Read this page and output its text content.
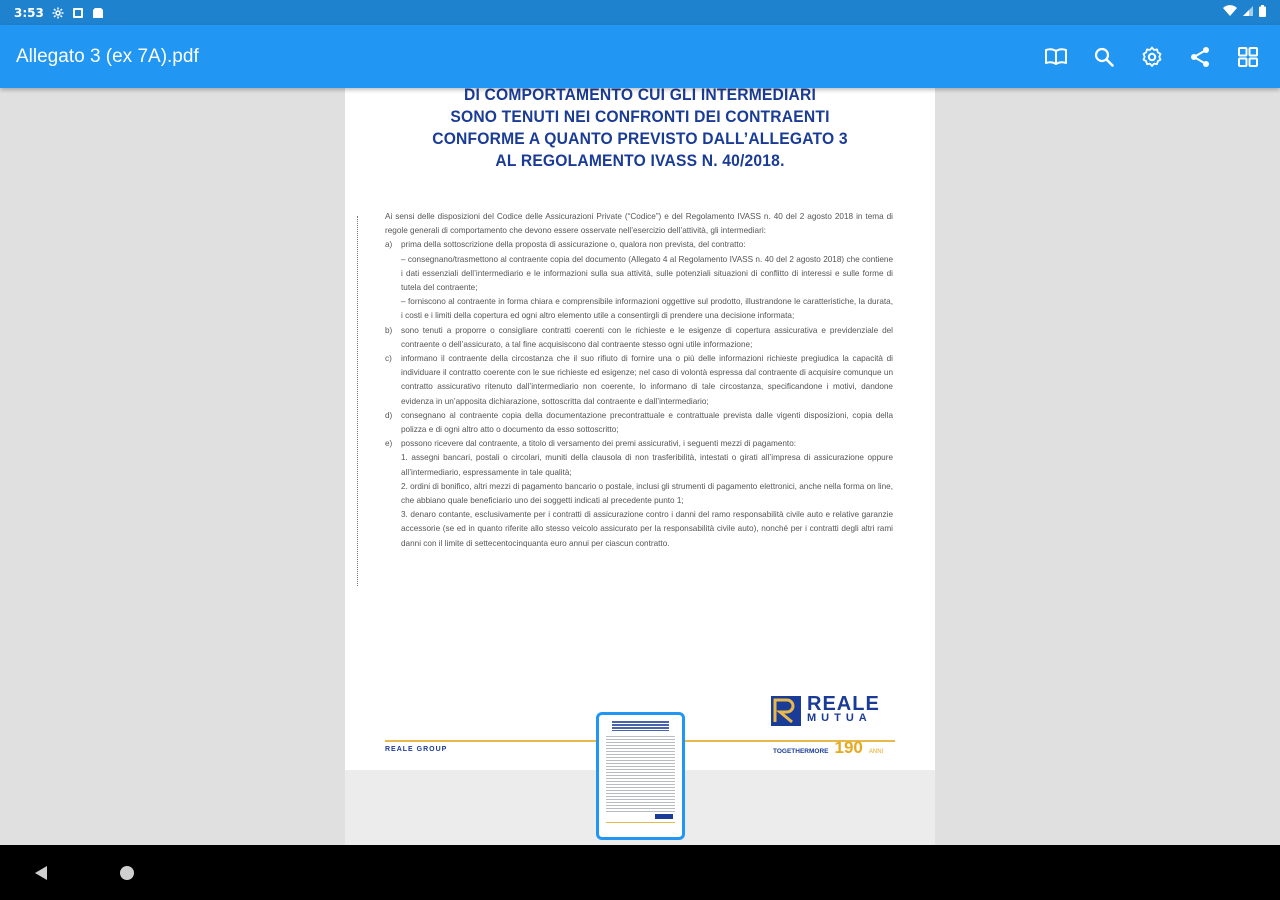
3:53
Allegato 3 (ex 7A).pdf
DI COMPORTAMENTO CUI GLI INTERMEDIARI
SONO TENUTI NEI CONFRONTI DEI CONTRAENTI
CONFORME A QUANTO PREVISTO DALL’ALLEGATO 3
AL REGOLAMENTO IVASS N. 40/2018.

Ai sensi delle disposizioni del Codice delle Assicurazioni Private (“Codice”) e del Regolamento IVASS n. 40 del 2 agosto 2018 in tema di regole generali di comportamento che devono essere osservate nell’esercizio dell’attività, gli intermediari:

a)	prima della sottoscrizione della proposta di assicurazione o, qualora non prevista, del contratto:
– consegnano/trasmettono al contraente copia del documento (Allegato 4 al Regolamento IVASS n. 40 del 2 agosto 2018) che contiene i dati essenziali dell’intermediario e le informazioni sulla sua attività, sulle potenziali situazioni di conflitto di interessi e sulle forme di tutela del contraente;
– forniscono al contraente in forma chiara e comprensibile informazioni oggettive sul prodotto, illustrandone le caratteristiche, la durata, i costi e i limiti della copertura ed ogni altro elemento utile a consentirgli di prendere una decisione informata;
b)	sono tenuti a proporre o consigliare contratti coerenti con le richieste e le esigenze di copertura assicurativa e previdenziale del contraente o dell’assicurato, a tal fine acquisiscono dal contraente stesso ogni utile informazione;
c)	informano il contraente della circostanza che il suo rifiuto di fornire una o più delle informazioni richieste pregiudica la capacità di individuare il contratto coerente con le sue richieste ed esigenze; nel caso di volontà espressa dal contraente di acquisire comunque un contratto assicurativo ritenuto dall’intermediario non coerente, lo informano di tale circostanza, specificandone i motivi, dandone evidenza in un’apposita dichiarazione, sottoscritta dal contraente e dall’intermediario;
d)	consegnano al contraente copia della documentazione precontrattuale e contrattuale prevista dalle vigenti disposizioni, copia della polizza e di ogni altro atto o documento da esso sottoscritto;
e)	possono ricevere dal contraente, a titolo di versamento dei premi assicurativi, i seguenti mezzi di pagamento:
1. assegni bancari, postali o circolari, muniti della clausola di non trasferibilità, intestati o girati all’impresa di assicurazione oppure all’intermediario, espressamente in tale qualità;
2. ordini di bonifico, altri mezzi di pagamento bancario o postale, inclusi gli strumenti di pagamento elettronici, anche nella forma on line, che abbiano quale beneficiario uno dei soggetti indicati al precedente punto 1;
3. denaro contante, esclusivamente per i contratti di assicurazione contro i danni del ramo responsabilità civile auto e relative garanzie accessorie (se ed in quanto riferite allo stesso veicolo assicurato per la responsabilità civile auto), nonché per i contratti degli altri rami danni con il limite di settecentocinquanta euro annui per ciascun contratto.
REALE
MUTUA
REALE GROUP	TOGETHERMORE 190 ANNI
